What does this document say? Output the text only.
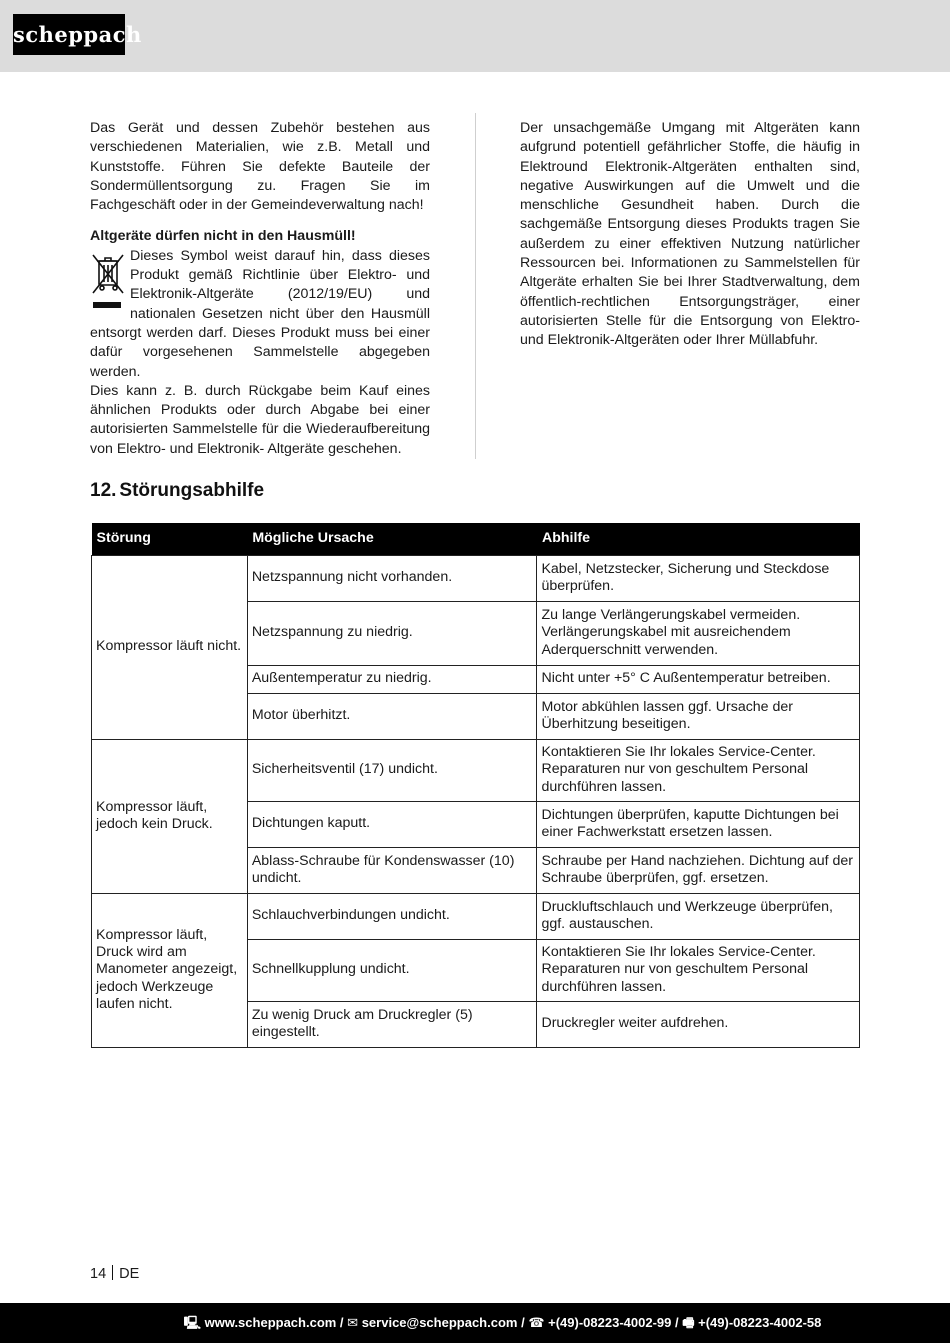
scheppach

Das Gerät und dessen Zubehör bestehen aus verschiedenen Materialien, wie z.B. Metall und Kunststoffe. Führen Sie defekte Bauteile der Sondermüllentsorgung zu. Fragen Sie im Fachgeschäft oder in der Gemeindeverwaltung nach!

Altgeräte dürfen nicht in den Hausmüll!

Dieses Symbol weist darauf hin, dass dieses Produkt gemäß Richtlinie über Elektro- und Elektronik-Altgeräte (2012/19/EU) und nationalen Gesetzen nicht über den Hausmüll entsorgt werden darf. Dieses Produkt muss bei einer dafür vorgesehenen Sammelstelle abgegeben werden.

Dies kann z. B. durch Rückgabe beim Kauf eines ähnlichen Produkts oder durch Abgabe bei einer autorisierten Sammelstelle für die Wiederaufbereitung von Elektro- und Elektronik- Altgeräte geschehen.

Der unsachgemäße Umgang mit Altgeräten kann aufgrund potentiell gefährlicher Stoffe, die häufig in Elektround Elektronik-Altgeräten enthalten sind, negative Auswirkungen auf die Umwelt und die menschliche Gesundheit haben. Durch die sachgemäße Entsorgung dieses Produkts tragen Sie außerdem zu einer effektiven Nutzung natürlicher Ressourcen bei. Informationen zu Sammelstellen für Altgeräte erhalten Sie bei Ihrer Stadtverwaltung, dem öffentlich-rechtlichen Entsorgungsträger, einer autorisierten Stelle für die Entsorgung von Elektro- und Elektronik-Altgeräten oder Ihrer Müllabfuhr.

12. Störungsabhilfe
Störung	Mögliche Ursache	Abhilfe
Kompressor läuft nicht.	Netzspannung nicht vorhanden.	Kabel, Netzstecker, Sicherung und Steckdose überprüfen.
	Netzspannung zu niedrig.	Zu lange Verlängerungskabel vermeiden. Verlängerungskabel mit ausreichendem Aderquerschnitt verwenden.
	Außentemperatur zu niedrig.	Nicht unter +5° C Außentemperatur betreiben.
	Motor überhitzt.	Motor abkühlen lassen ggf. Ursache der Überhitzung beseitigen.
Kompressor läuft, jedoch kein Druck.	Sicherheitsventil (17) undicht.	Kontaktieren Sie Ihr lokales Service-Center. Reparaturen nur von geschultem Personal durchführen lassen.
	Dichtungen kaputt.	Dichtungen überprüfen, kaputte Dichtungen bei einer Fachwerkstatt ersetzen lassen.
	Ablass-Schraube für Kondenswasser (10) undicht.	Schraube per Hand nachziehen. Dichtung auf der Schraube überprüfen, ggf. ersetzen.
Kompressor läuft, Druck wird am Manometer angezeigt, jedoch Werkzeuge laufen nicht.	Schlauchverbindungen undicht.	Druckluftschlauch und Werkzeuge überprüfen, ggf. austauschen.
	Schnellkupplung undicht.	Kontaktieren Sie Ihr lokales Service-Center. Reparaturen nur von geschultem Personal durchführen lassen.
	Zu wenig Druck am Druckregler (5) eingestellt.	Druckregler weiter aufdrehen.
14 DE
🖳 www.scheppach.com / ✉ service@scheppach.com / ☎ +(49)-08223-4002-99 / 🖷 +(49)-08223-4002-58
